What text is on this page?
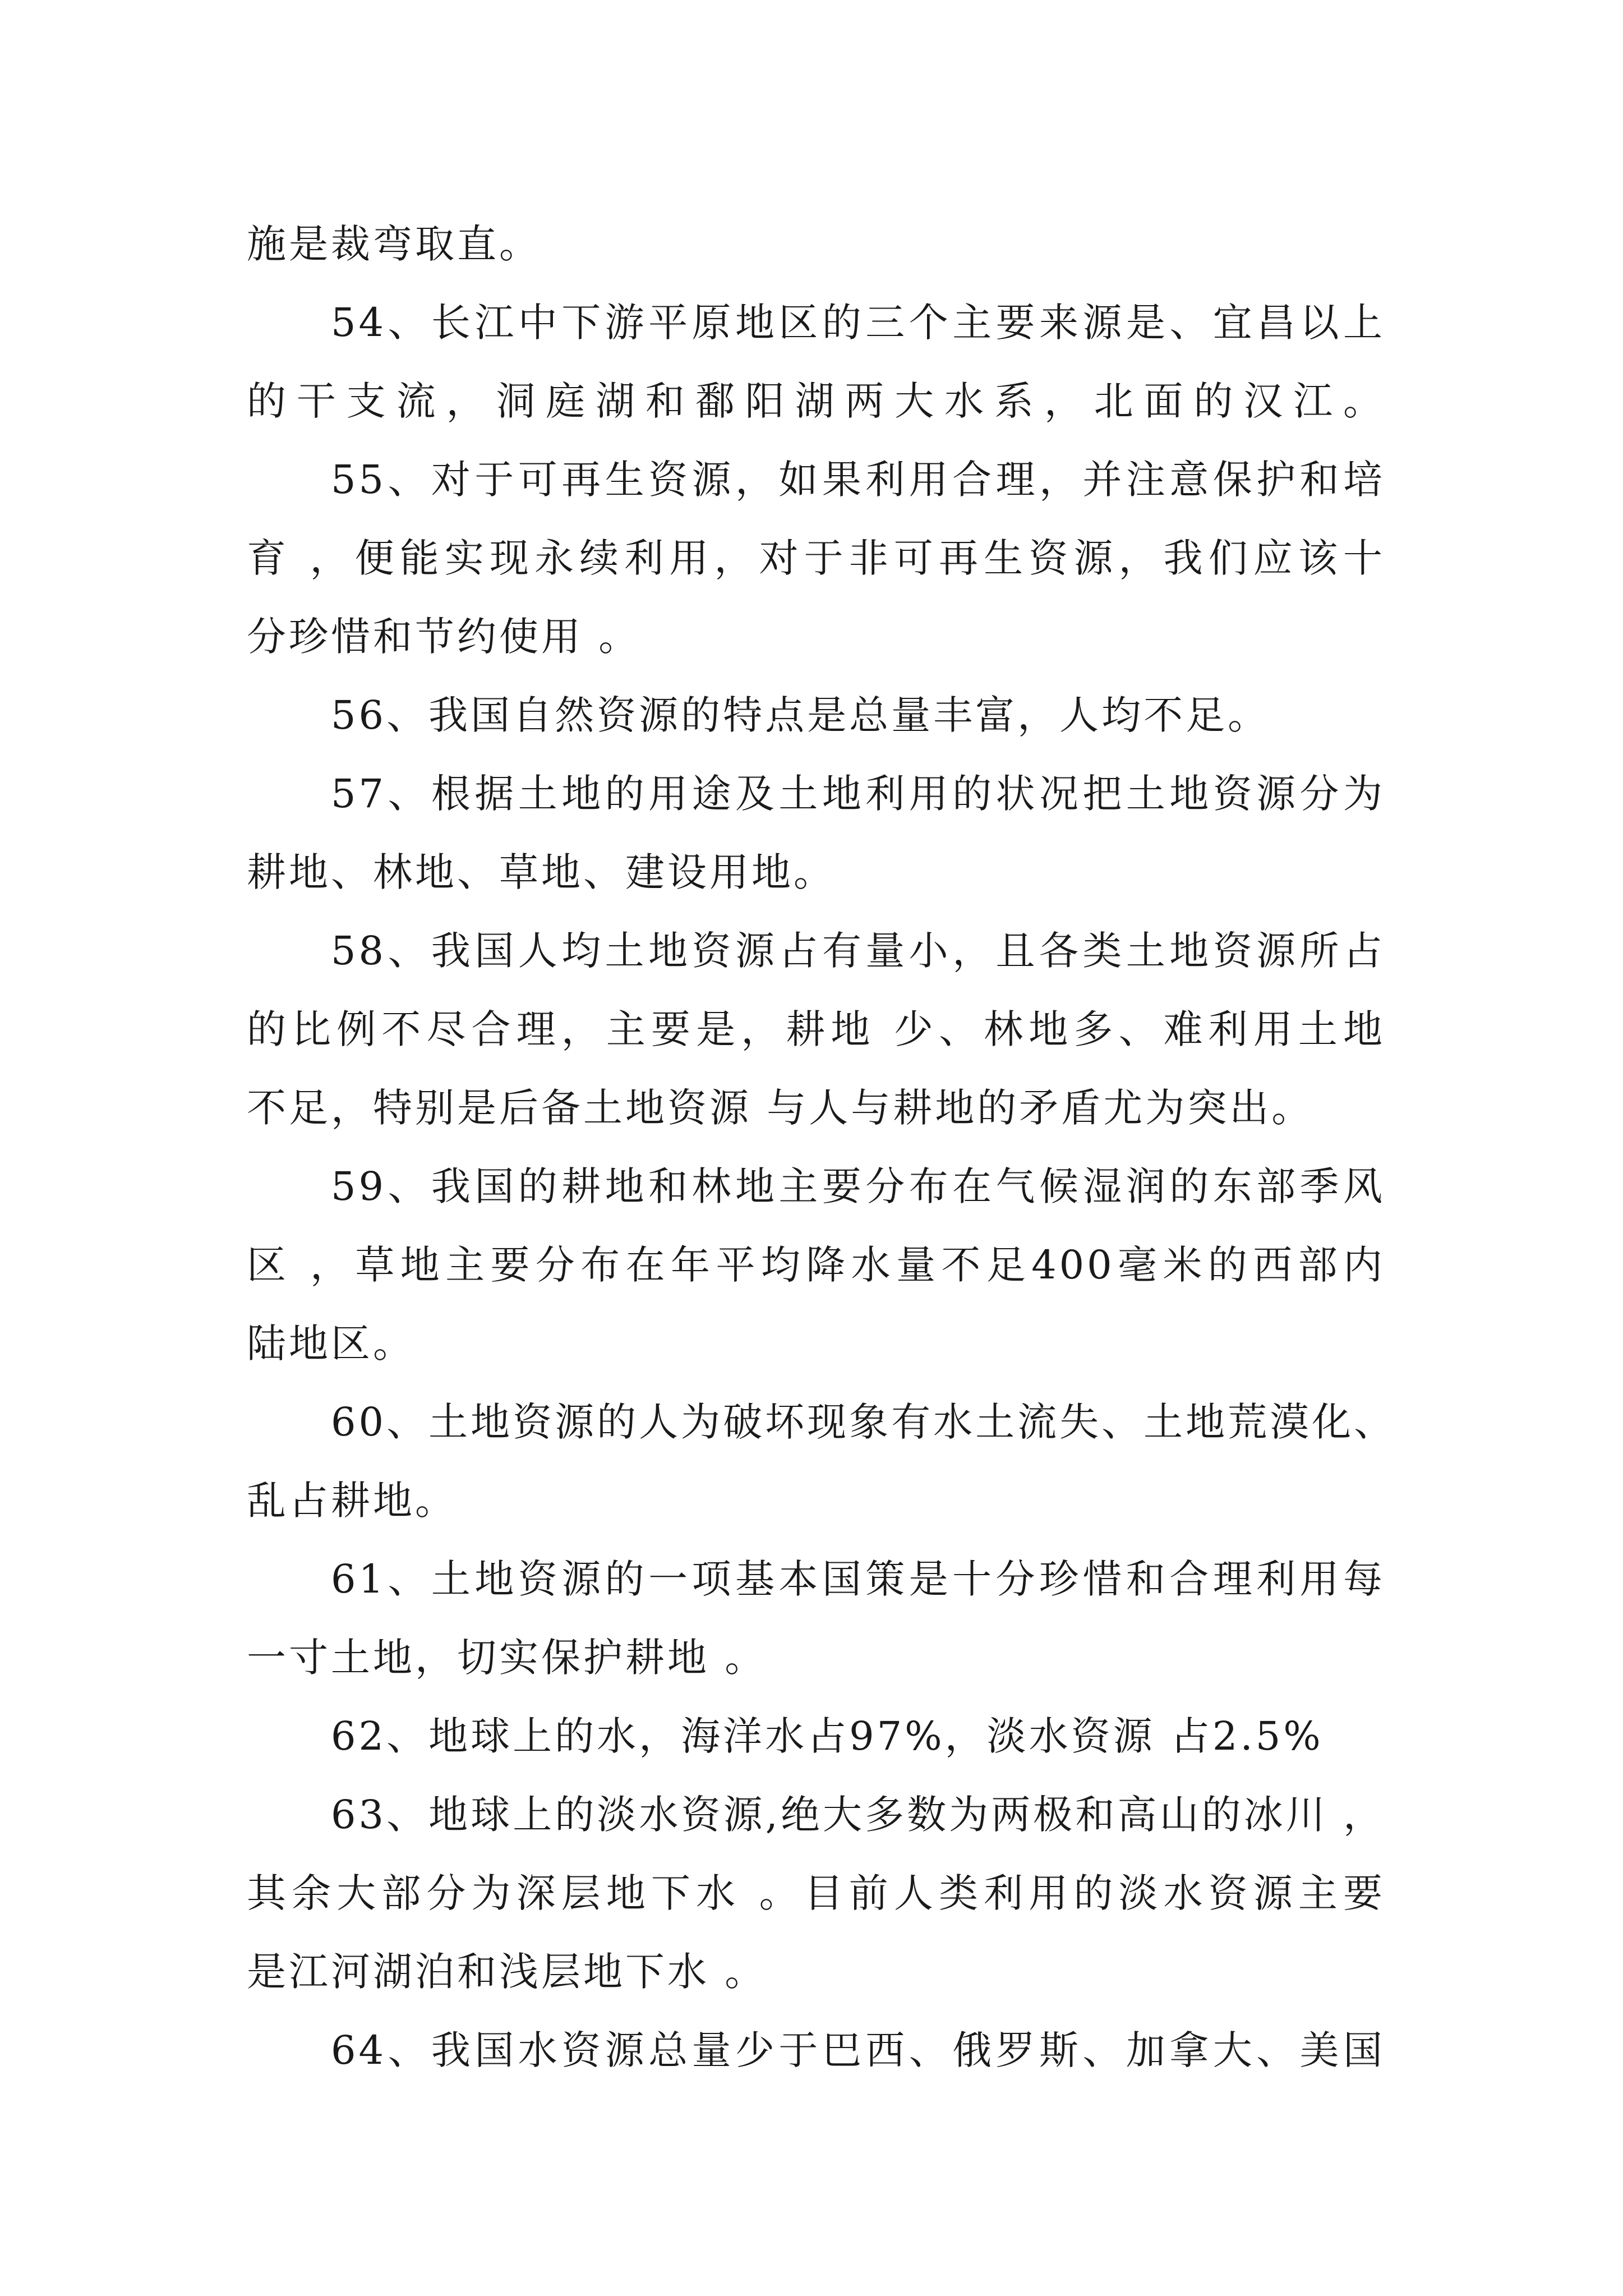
施是裁弯取直。
54、长江中下游平原地区的三个主要来源是、宜昌以上
的干支流，洞庭湖和鄱阳湖两大水系，北面的汉江。
55、对于可再生资源，如果利用合理，并注意保护和培
育 ，便能实现永续利用，对于非可再生资源，我们应该十
分珍惜和节约使用 。
56、我国自然资源的特点是总量丰富，人均不足。
57、根据土地的用途及土地利用的状况把土地资源分为
耕地、林地、草地、建设用地。
58、我国人均土地资源占有量小，且各类土地资源所占
的比例不尽合理，主要是，耕地 少、林地多、难利用土地
不足，特别是后备土地资源 与人与耕地的矛盾尤为突出。
59、我国的耕地和林地主要分布在气候湿润的东部季风
区 ，草地主要分布在年平均降水量不足400毫米的西部内
陆地区。
60、土地资源的人为破坏现象有水土流失、土地荒漠化、
乱占耕地。
61、土地资源的一项基本国策是十分珍惜和合理利用每
一寸土地，切实保护耕地 。
62、地球上的水，海洋水占97%，淡水资源 占2.5%
63、地球上的淡水资源,绝大多数为两极和高山的冰川 ，
其余大部分为深层地下水 。目前人类利用的淡水资源主要
是江河湖泊和浅层地下水 。
64、我国水资源总量少于巴西、俄罗斯、加拿大、美国
